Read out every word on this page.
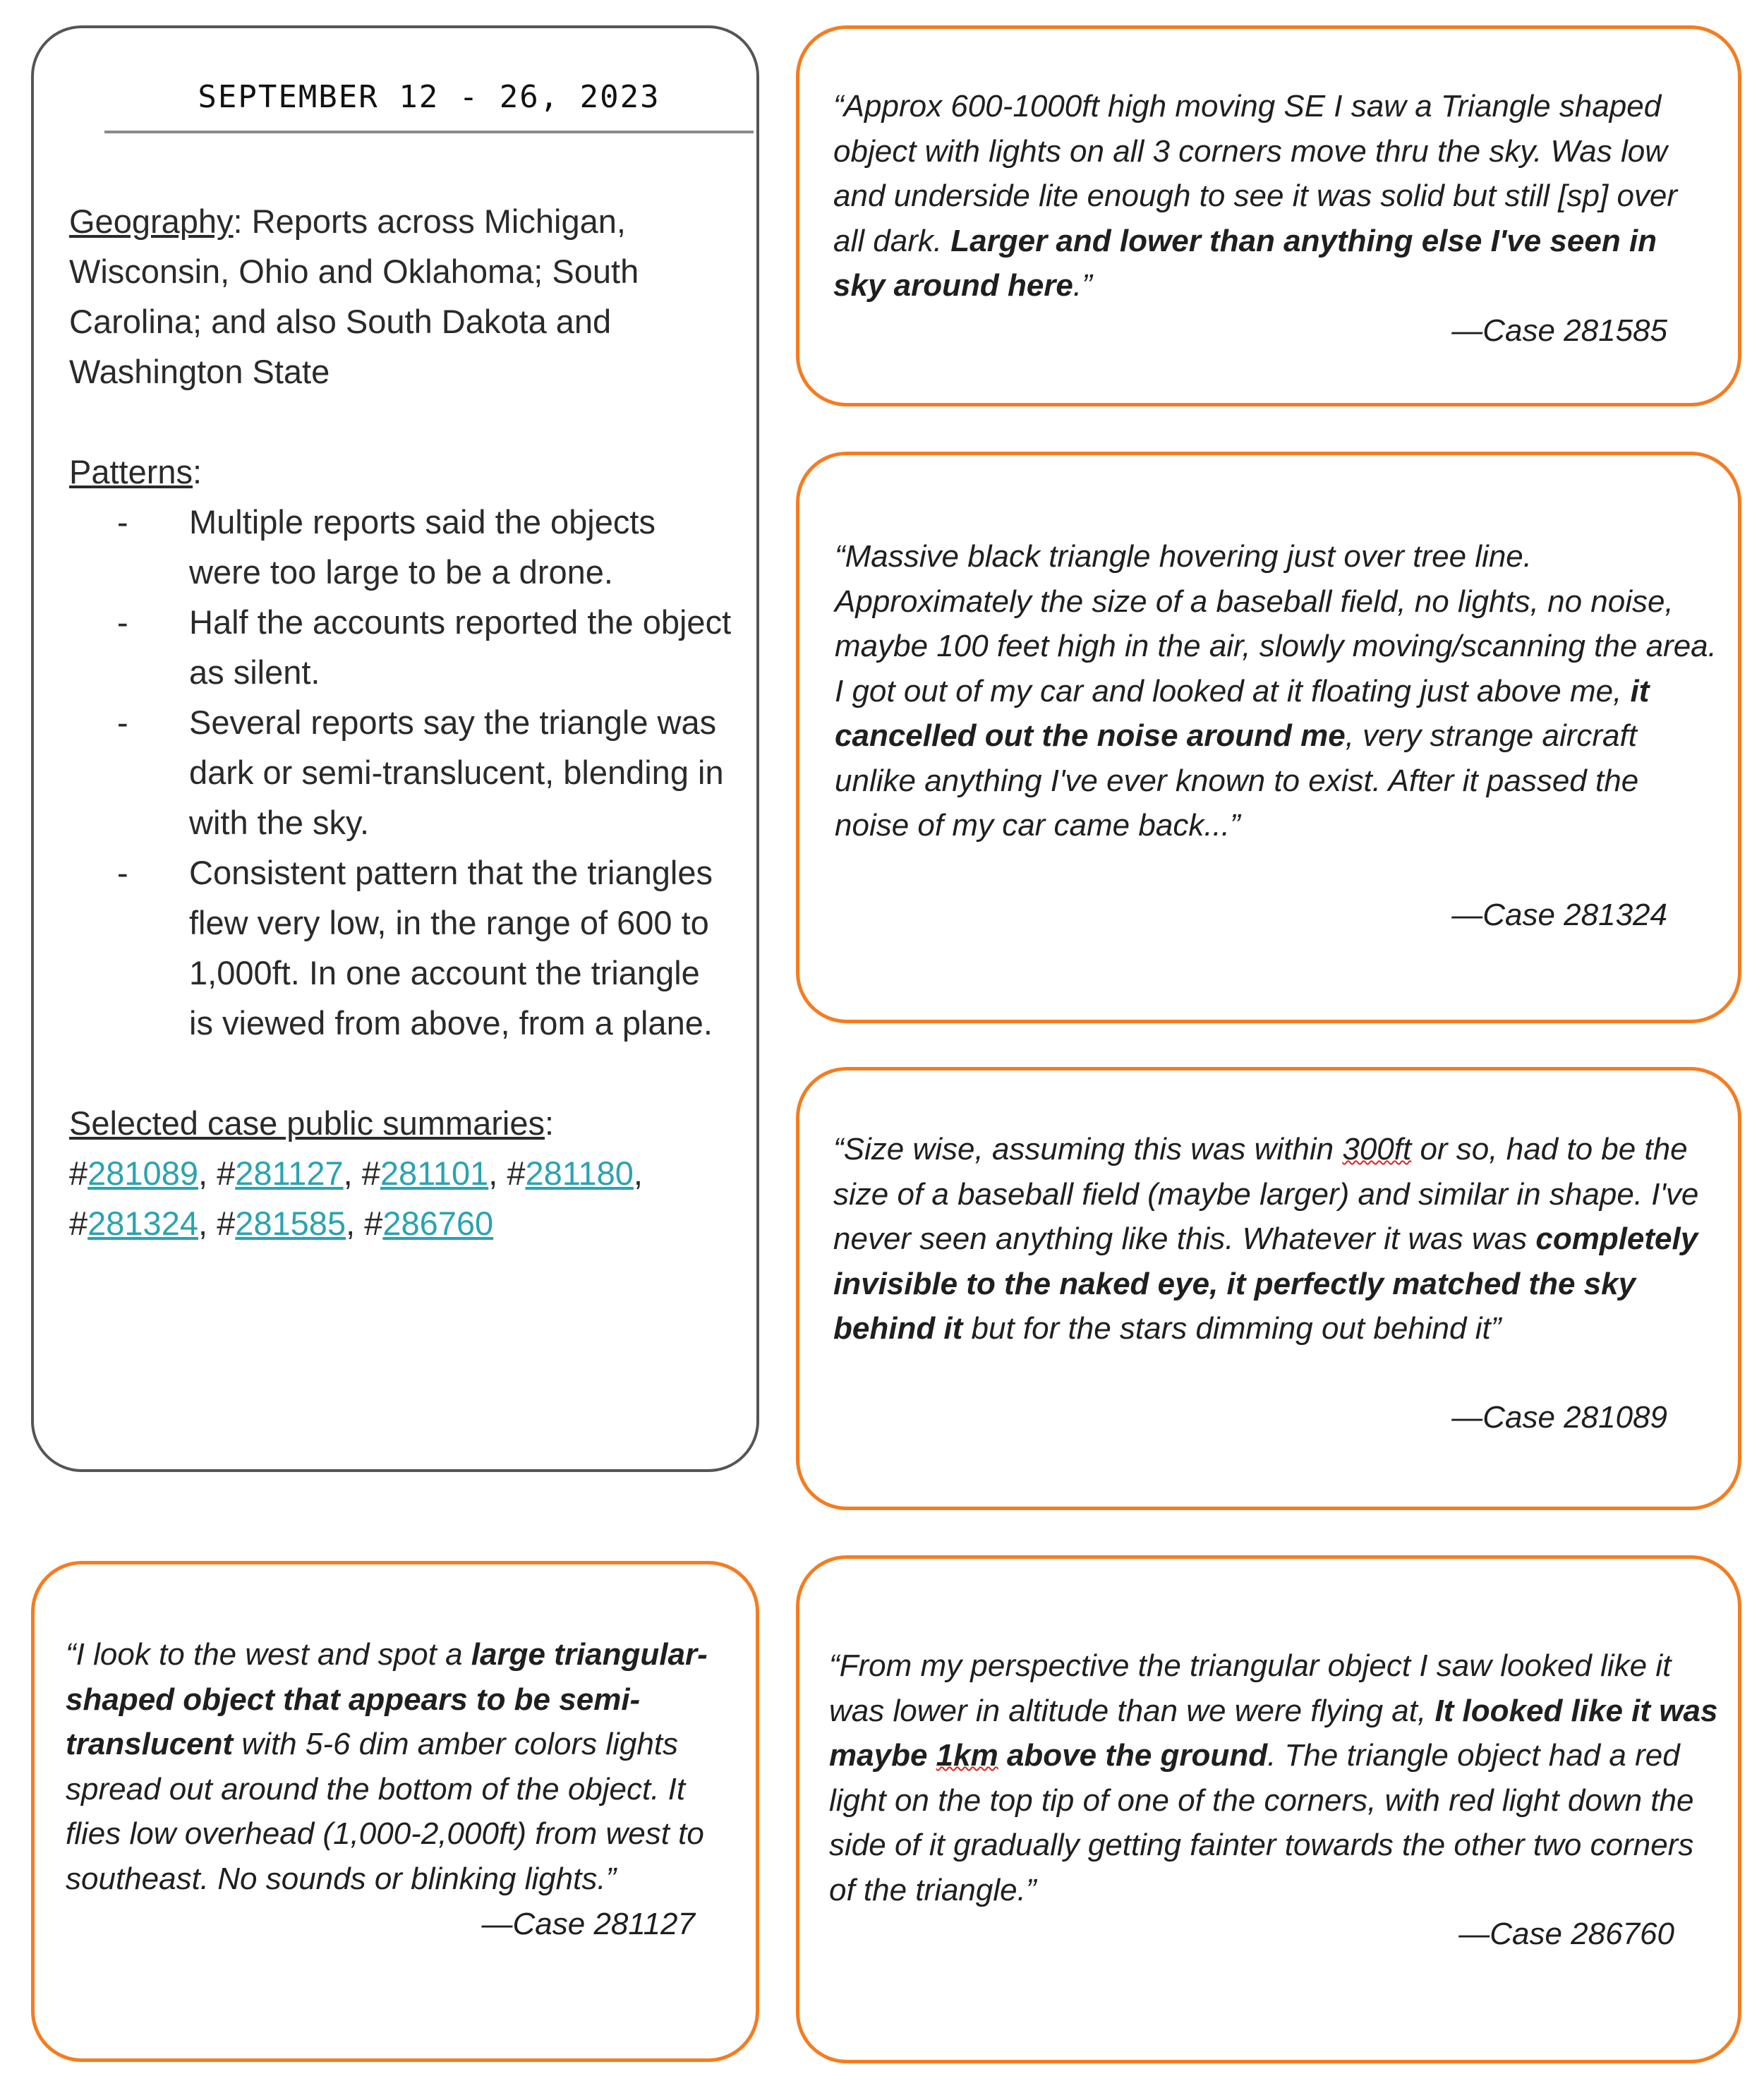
SEPTEMBER 12 - 26, 2023

Geography: Reports across Michigan, Wisconsin, Ohio and Oklahoma; South Carolina; and also South Dakota and Washington State

Patterns:

- Multiple reports said the objects were too large to be a drone.
- Half the accounts reported the object as silent.
- Several reports say the triangle was dark or semi-translucent, blending in with the sky.
- Consistent pattern that the triangles flew very low, in the range of 600 to 1,000ft. In one account the triangle is viewed from above, from a plane.

Selected case public summaries:

#281089, #281127, #281101, #281180, #281324, #281585, #286760

“Approx 600-1000ft high moving SE I saw a Triangle shaped object with lights on all 3 corners move thru the sky. Was low and underside lite enough to see it was solid but still [sp] over all dark. Larger and lower than anything else I've seen in sky around here.”
—Case 281585
“Massive black triangle hovering just over tree line. Approximately the size of a baseball field, no lights, no noise, maybe 100 feet high in the air, slowly moving/scanning the area. I got out of my car and looked at it floating just above me, it cancelled out the noise around me, very strange aircraft unlike anything I've ever known to exist. After it passed the noise of my car came back...”
—Case 281324
“Size wise, assuming this was within 300ft or so, had to be the size of a baseball field (maybe larger) and similar in shape. I've never seen anything like this. Whatever it was was completely invisible to the naked eye, it perfectly matched the sky behind it but for the stars dimming out behind it”
—Case 281089
“I look to the west and spot a large triangular-shaped object that appears to be semi-translucent with 5-6 dim amber colors lights spread out around the bottom of the object. It flies low overhead (1,000-2,000ft) from west to southeast. No sounds or blinking lights.”
—Case 281127
“From my perspective the triangular object I saw looked like it was lower in altitude than we were flying at, It looked like it was maybe 1km above the ground. The triangle object had a red light on the top tip of one of the corners, with red light down the side of it gradually getting fainter towards the other two corners of the triangle.”
—Case 286760
